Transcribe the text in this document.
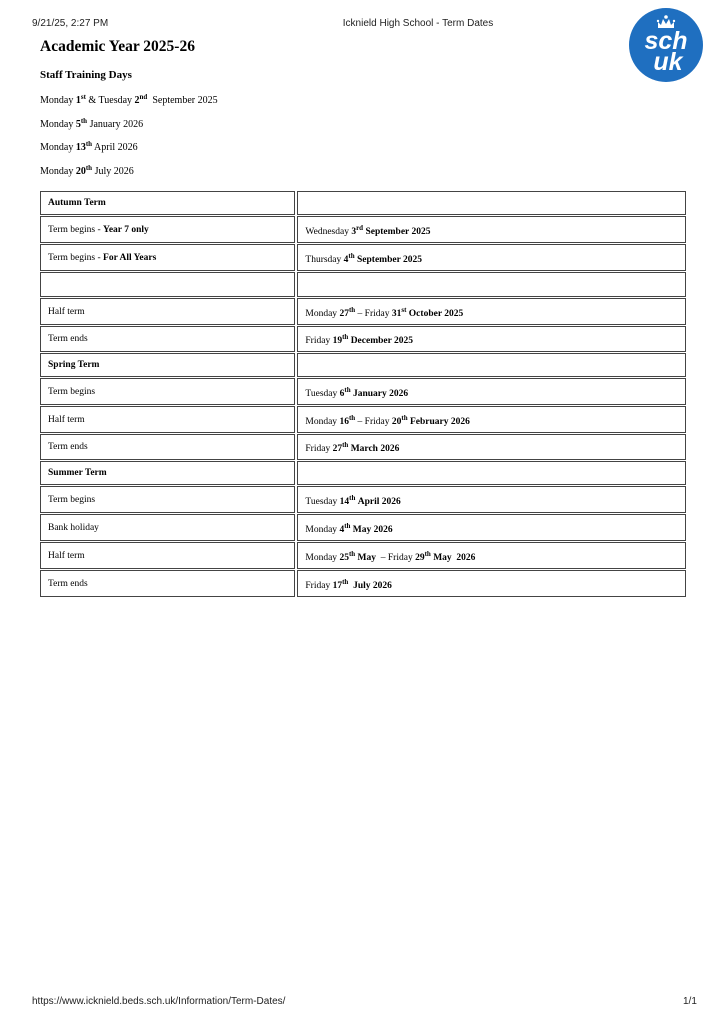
9/21/25, 2:27 PM	Icknield High School - Term Dates
sch
uk
Academic Year 2025-26
Staff Training Days
Monday 1st & Tuesday 2nd September 2025
Monday 5th January 2026
Monday 13th April 2026
Monday 20th July 2026
Autumn Term	
Term begins - Year 7 only	Wednesday 3rd September 2025
Term begins - For All Years	Thursday 4th September 2025

Half term	Monday 27th – Friday 31st October 2025
Term ends	Friday 19th December 2025
Spring Term	
Term begins	Tuesday 6th January 2026
Half term	Monday 16th – Friday 20th February 2026
Term ends	Friday 27th March 2026
Summer Term	
Term begins	Tuesday 14th April 2026
Bank holiday	Monday 4th May 2026
Half term	Monday 25th May  – Friday 29th May  2026
Term ends	Friday 17th  July 2026
https://www.icknield.beds.sch.uk/Information/Term-Dates/	1/1
